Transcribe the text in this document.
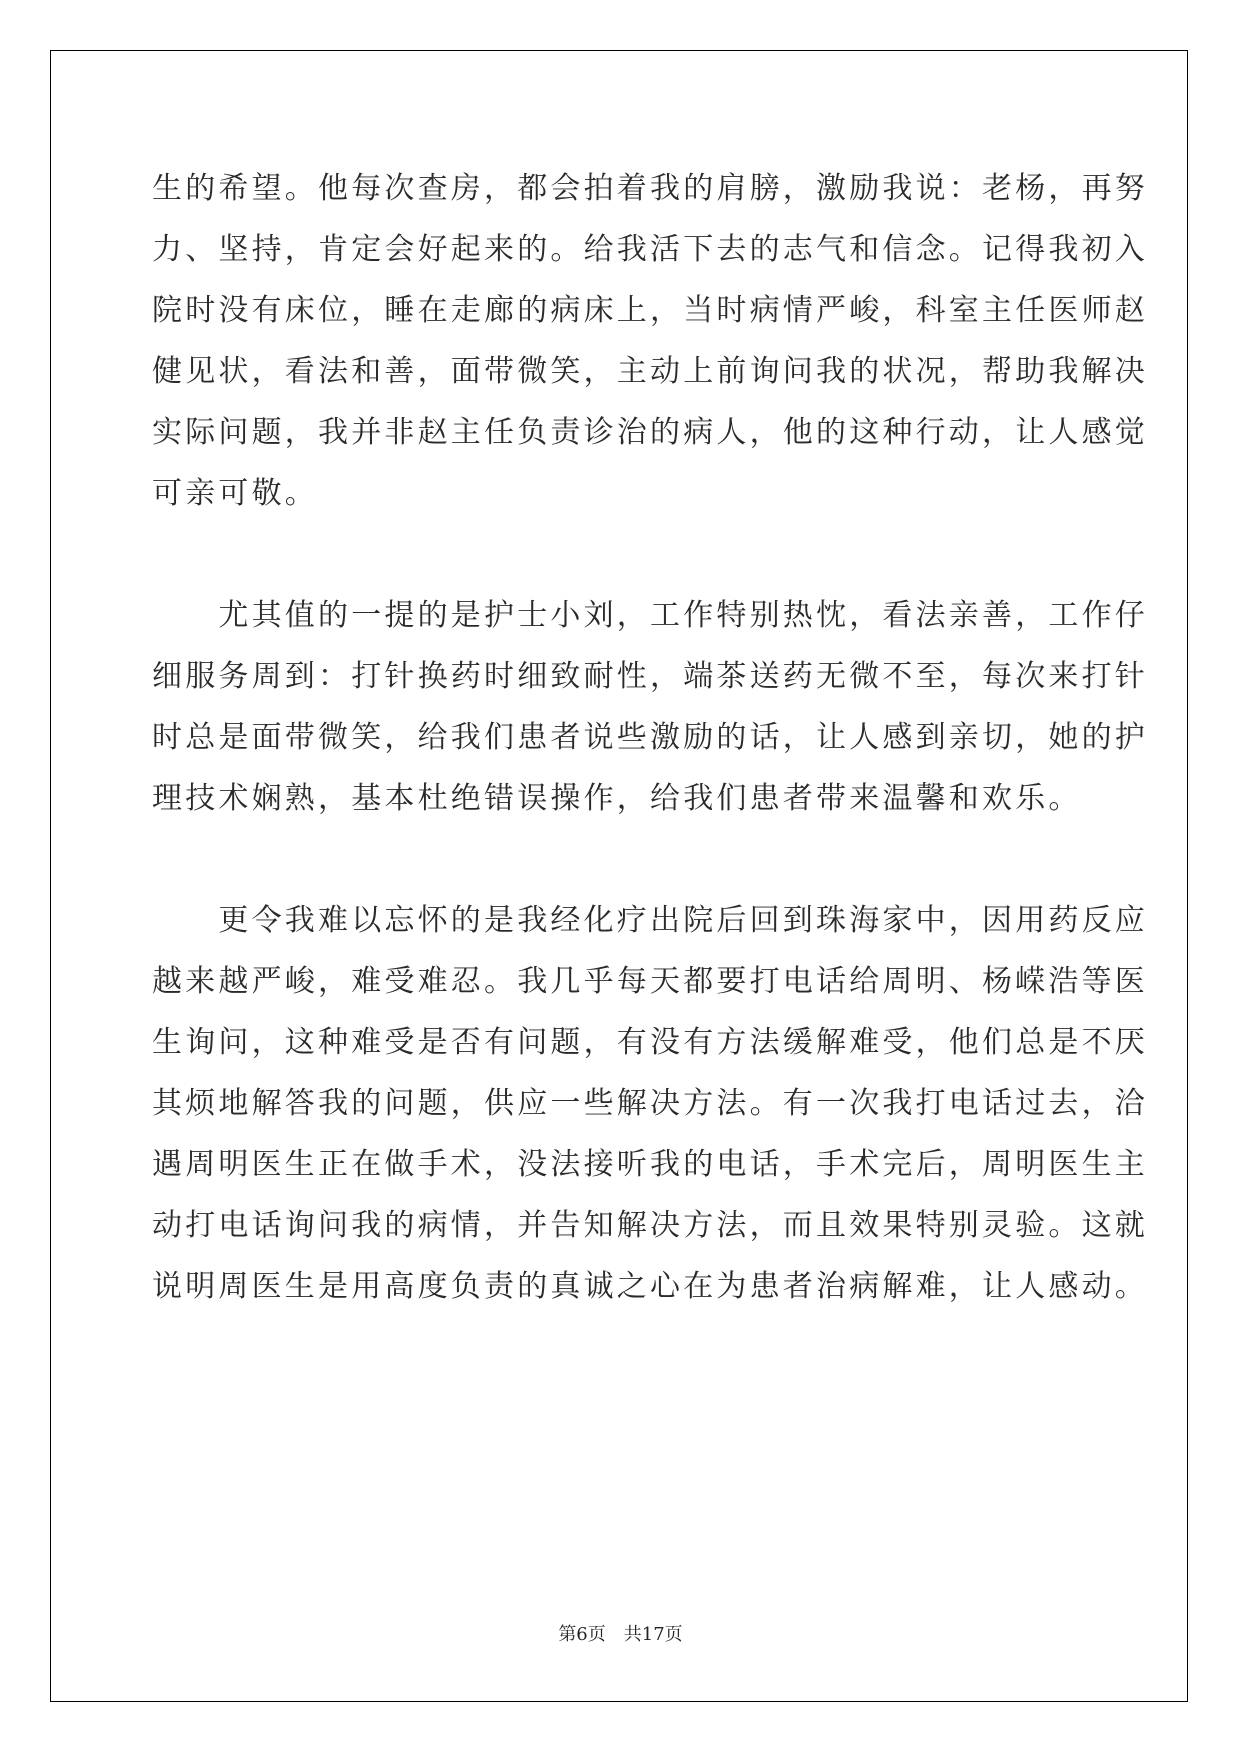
生的希望。他每次查房，都会拍着我的肩膀，激励我说：老杨，再努
力、坚持，肯定会好起来的。给我活下去的志气和信念。记得我初入
院时没有床位，睡在走廊的病床上，当时病情严峻，科室主任医师赵
健见状，看法和善，面带微笑，主动上前询问我的状况，帮助我解决
实际问题，我并非赵主任负责诊治的病人，他的这种行动，让人感觉
可亲可敬。
　　尤其值的一提的是护士小刘，工作特别热忱，看法亲善，工作仔
细服务周到：打针换药时细致耐性，端茶送药无微不至，每次来打针
时总是面带微笑，给我们患者说些激励的话，让人感到亲切，她的护
理技术娴熟，基本杜绝错误操作，给我们患者带来温馨和欢乐。
　　更令我难以忘怀的是我经化疗出院后回到珠海家中，因用药反应
越来越严峻，难受难忍。我几乎每天都要打电话给周明、杨嵘浩等医
生询问，这种难受是否有问题，有没有方法缓解难受，他们总是不厌
其烦地解答我的问题，供应一些解决方法。有一次我打电话过去，洽
遇周明医生正在做手术，没法接听我的电话，手术完后，周明医生主
动打电话询问我的病情，并告知解决方法，而且效果特别灵验。这就
说明周医生是用高度负责的真诚之心在为患者治病解难，让人感动。
第6页　共17页
